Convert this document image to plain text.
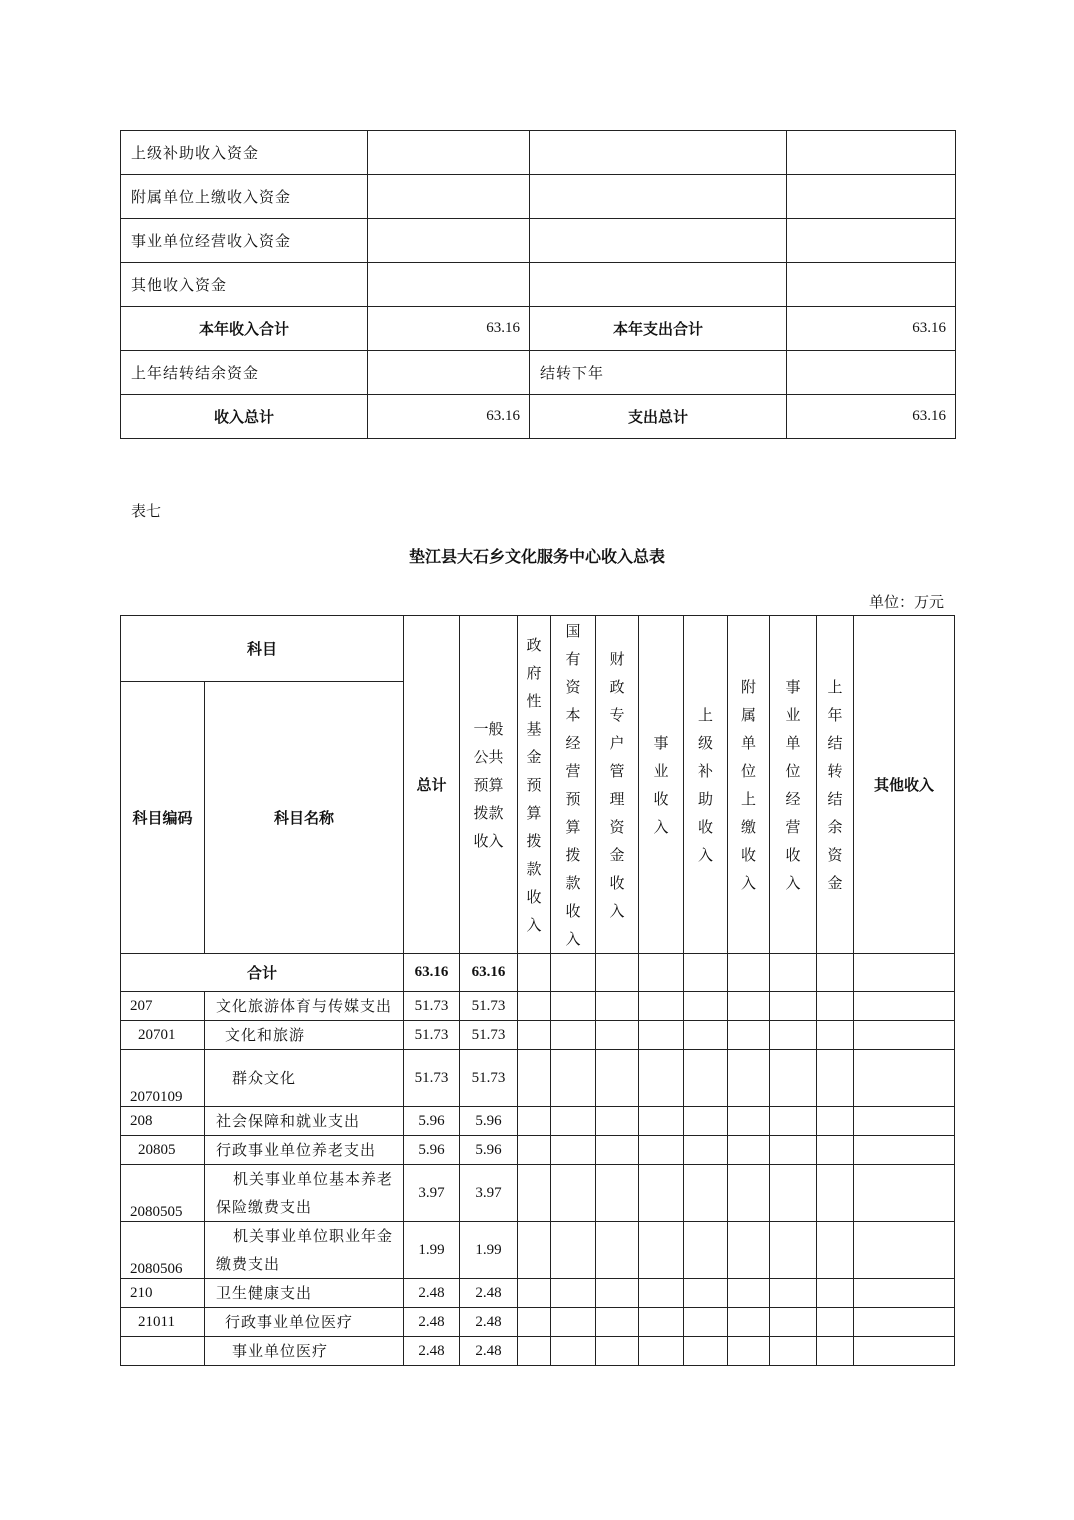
上级补助收入资金			
附属单位上缴收入资金			
事业单位经营收入资金			
其他收入资金			
本年收入合计	63.16	本年支出合计	63.16
上年结转结余资金		结转下年	
收入总计	63.16	支出总计	63.16
表七
垫江县大石乡文化服务中心收入总表
单位：万元
科目		总计	一般公共预算拨款收入	政府性基金预算拨款收入	国有资本经营预算拨款收入	财政专户管理资金收入	事业收入	上级补助收入	附属单位上缴收入	事业单位经营收入	上年结转结余资金	其他收入
科目编码	科目名称											
合计		63.16	63.16									
207	文化旅游体育与传媒支出	51.73	51.73									
20701	文化和旅游	51.73	51.73									
2070109	群众文化	51.73	51.73									
208	社会保障和就业支出	5.96	5.96									
20805	行政事业单位养老支出	5.96	5.96									
2080505	机关事业单位基本养老保险缴费支出	3.97	3.97									
2080506	机关事业单位职业年金缴费支出	1.99	1.99									
210	卫生健康支出	2.48	2.48									
21011	行政事业单位医疗	2.48	2.48									
	事业单位医疗	2.48	2.48									
